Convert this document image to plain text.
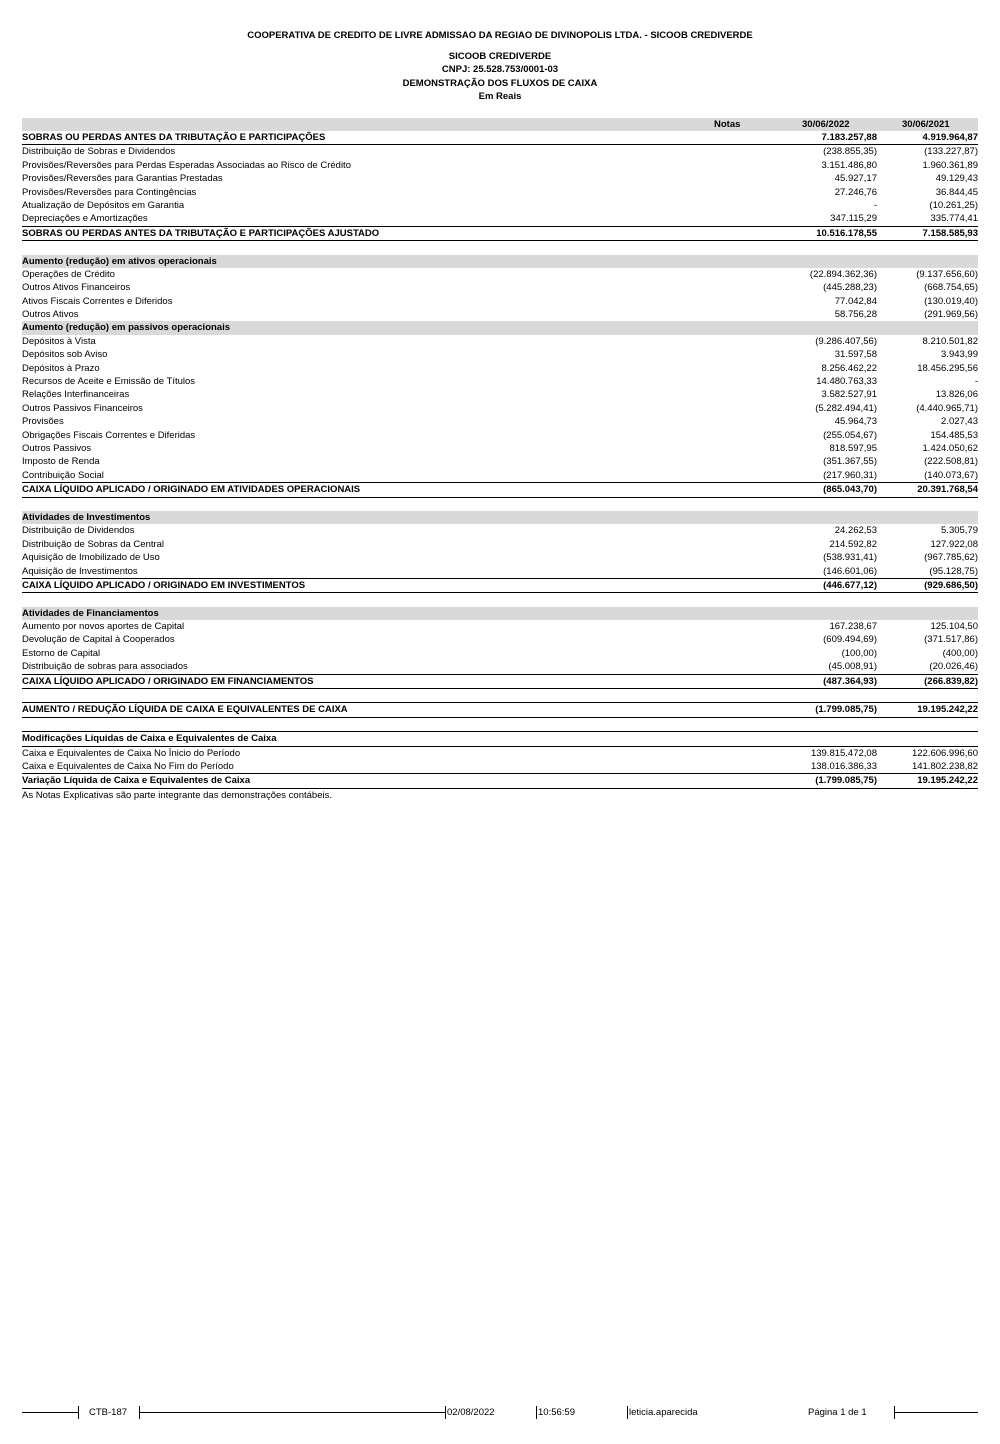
COOPERATIVA DE CREDITO DE LIVRE ADMISSAO DA REGIAO DE DIVINOPOLIS LTDA. - SICOOB CREDIVERDE
SICOOB CREDIVERDE
CNPJ: 25.528.753/0001-03
DEMONSTRAÇÃO DOS FLUXOS DE CAIXA
Em Reais
Notas	30/06/2022	30/06/2021
SOBRAS OU PERDAS ANTES DA TRIBUTAÇÃO E PARTICIPAÇÕES	7.183.257,88	4.919.964,87
Distribuição de Sobras e Dividendos	(238.855,35)	(133.227,87)
Provisões/Reversões para Perdas Esperadas Associadas ao Risco de Crédito	3.151.486,80	1.960.361,89
Provisões/Reversões para Garantias Prestadas	45.927,17	49.129,43
Provisões/Reversões para Contingências	27.246,76	36.844,45
Atualização de Depósitos em Garantia	-	(10.261,25)
Depreciações e Amortizações	347.115,29	335.774,41
SOBRAS OU PERDAS ANTES DA TRIBUTAÇÃO E PARTICIPAÇÕES AJUSTADO	10.516.178,55	7.158.585,93
Aumento (redução) em ativos operacionais
Operações de Crédito	(22.894.362,36)	(9.137.656,60)
Outros Ativos Financeiros	(445.288,23)	(668.754,65)
Ativos Fiscais Correntes e Diferidos	77.042,84	(130.019,40)
Outros Ativos	58.756,28	(291.969,56)
Aumento (redução) em passivos operacionais
Depósitos à Vista	(9.286.407,56)	8.210.501,82
Depósitos sob Aviso	31.597,58	3.943,99
Depósitos à Prazo	8.256.462,22	18.456.295,56
Recursos de Aceite e Emissão de Títulos	14.480.763,33	-
Relações Interfinanceiras	3.582.527,91	13.826,06
Outros Passivos Financeiros	(5.282.494,41)	(4.440.965,71)
Provisões	45.964,73	2.027,43
Obrigações Fiscais Correntes e Diferidas	(255.054,67)	154.485,53
Outros Passivos	818.597,95	1.424.050,62
Imposto de Renda	(351.367,55)	(222.508,81)
Contribuição Social	(217.960,31)	(140.073,67)
CAIXA LÍQUIDO APLICADO / ORIGINADO EM ATIVIDADES OPERACIONAIS	(865.043,70)	20.391.768,54
Atividades de Investimentos
Distribuição de Dividendos	24.262,53	5.305,79
Distribuição de Sobras da Central	214.592,82	127.922,08
Aquisição de Imobilizado de Uso	(538.931,41)	(967.785,62)
Aquisição de Investimentos	(146.601,06)	(95.128,75)
CAIXA LÍQUIDO APLICADO / ORIGINADO EM INVESTIMENTOS	(446.677,12)	(929.686,50)
Atividades de Financiamentos
Aumento por novos aportes de Capital	167.238,67	125.104,50
Devolução de Capital à Cooperados	(609.494,69)	(371.517,86)
Estorno de Capital	(100,00)	(400,00)
Distribuição de sobras para associados	(45.008,91)	(20.026,46)
CAIXA LÍQUIDO APLICADO / ORIGINADO EM FINANCIAMENTOS	(487.364,93)	(266.839,82)
AUMENTO / REDUÇÃO LÍQUIDA DE CAIXA E EQUIVALENTES DE CAIXA	(1.799.085,75)	19.195.242,22
Modificações Líquidas de Caixa e Equivalentes de Caixa
Caixa e Equivalentes de Caixa No Ínicio do Período	139.815.472,08	122.606.996,60
Caixa e Equivalentes de Caixa No Fim do Período	138.016.386,33	141.802.238,82
Variação Líquida de Caixa e Equivalentes de Caixa	(1.799.085,75)	19.195.242,22
As Notas Explicativas são parte integrante das demonstrações contábeis.
CTB-187	02/08/2022	10:56:59	leticia.aparecida	Página 1 de 1
